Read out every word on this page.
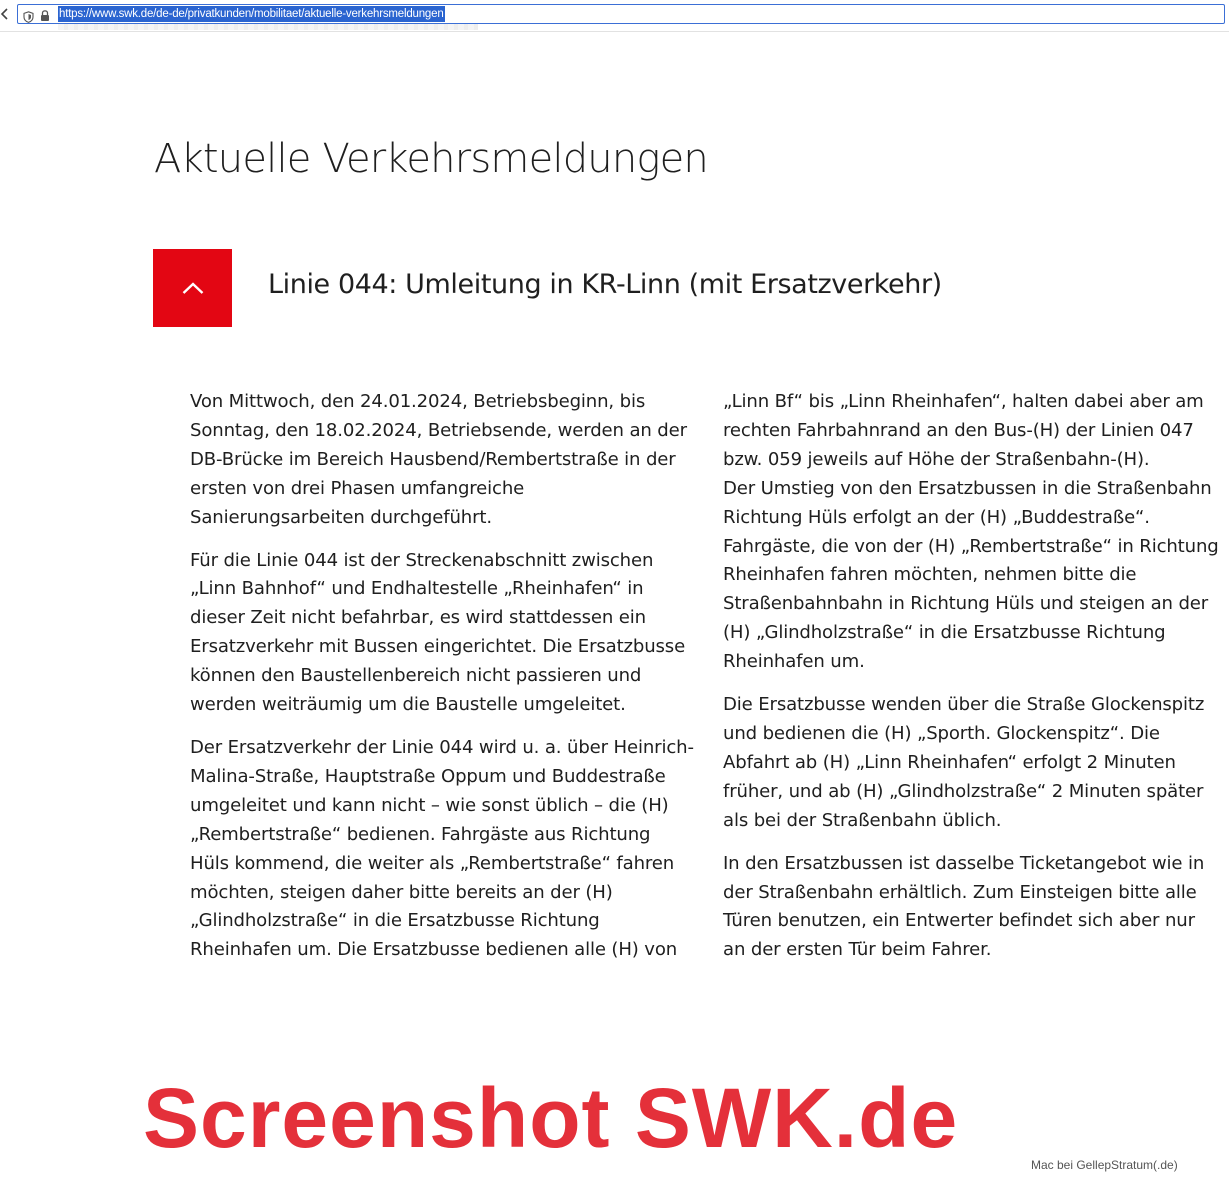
https://www.swk.de/de-de/privatkunden/mobilitaet/aktuelle-verkehrsmeldungen
Aktuelle Verkehrsmeldungen
Linie 044: Umleitung in KR-Linn (mit Ersatzverkehr)

Von Mittwoch, den 24.01.2024, Betriebsbeginn, bis
Sonntag, den 18.02.2024, Betriebsende, werden an der
DB-Brücke im Bereich Hausbend/Rembertstraße in der
ersten von drei Phasen umfangreiche
Sanierungsarbeiten durchgeführt.

Für die Linie 044 ist der Streckenabschnitt zwischen
„Linn Bahnhof“ und Endhaltestelle „Rheinhafen“ in
dieser Zeit nicht befahrbar, es wird stattdessen ein
Ersatzverkehr mit Bussen eingerichtet. Die Ersatzbusse
können den Baustellenbereich nicht passieren und
werden weiträumig um die Baustelle umgeleitet.

Der Ersatzverkehr der Linie 044 wird u. a. über Heinrich-
Malina-Straße, Hauptstraße Oppum und Buddestraße
umgeleitet und kann nicht – wie sonst üblich – die (H)
„Rembertstraße“ bedienen. Fahrgäste aus Richtung
Hüls kommend, die weiter als „Rembertstraße“ fahren
möchten, steigen daher bitte bereits an der (H)
„Glindholzstraße“ in die Ersatzbusse Richtung
Rheinhafen um. Die Ersatzbusse bedienen alle (H) von

„Linn Bf“ bis „Linn Rheinhafen“, halten dabei aber am
rechten Fahrbahnrand an den Bus-(H) der Linien 047
bzw. 059 jeweils auf Höhe der Straßenbahn-(H).
Der Umstieg von den Ersatzbussen in die Straßenbahn
Richtung Hüls erfolgt an der (H) „Buddestraße“.
Fahrgäste, die von der (H) „Rembertstraße“ in Richtung
Rheinhafen fahren möchten, nehmen bitte die
Straßenbahnbahn in Richtung Hüls und steigen an der
(H) „Glindholzstraße“ in die Ersatzbusse Richtung
Rheinhafen um.

Die Ersatzbusse wenden über die Straße Glockenspitz
und bedienen die (H) „Sporth. Glockenspitz“. Die
Abfahrt ab (H) „Linn Rheinhafen“ erfolgt 2 Minuten
früher, und ab (H) „Glindholzstraße“ 2 Minuten später
als bei der Straßenbahn üblich.

In den Ersatzbussen ist dasselbe Ticketangebot wie in
der Straßenbahn erhältlich. Zum Einsteigen bitte alle
Türen benutzen, ein Entwerter befindet sich aber nur
an der ersten Tür beim Fahrer.

Screenshot SWK.de	Mac bei GellepStratum(.de)
